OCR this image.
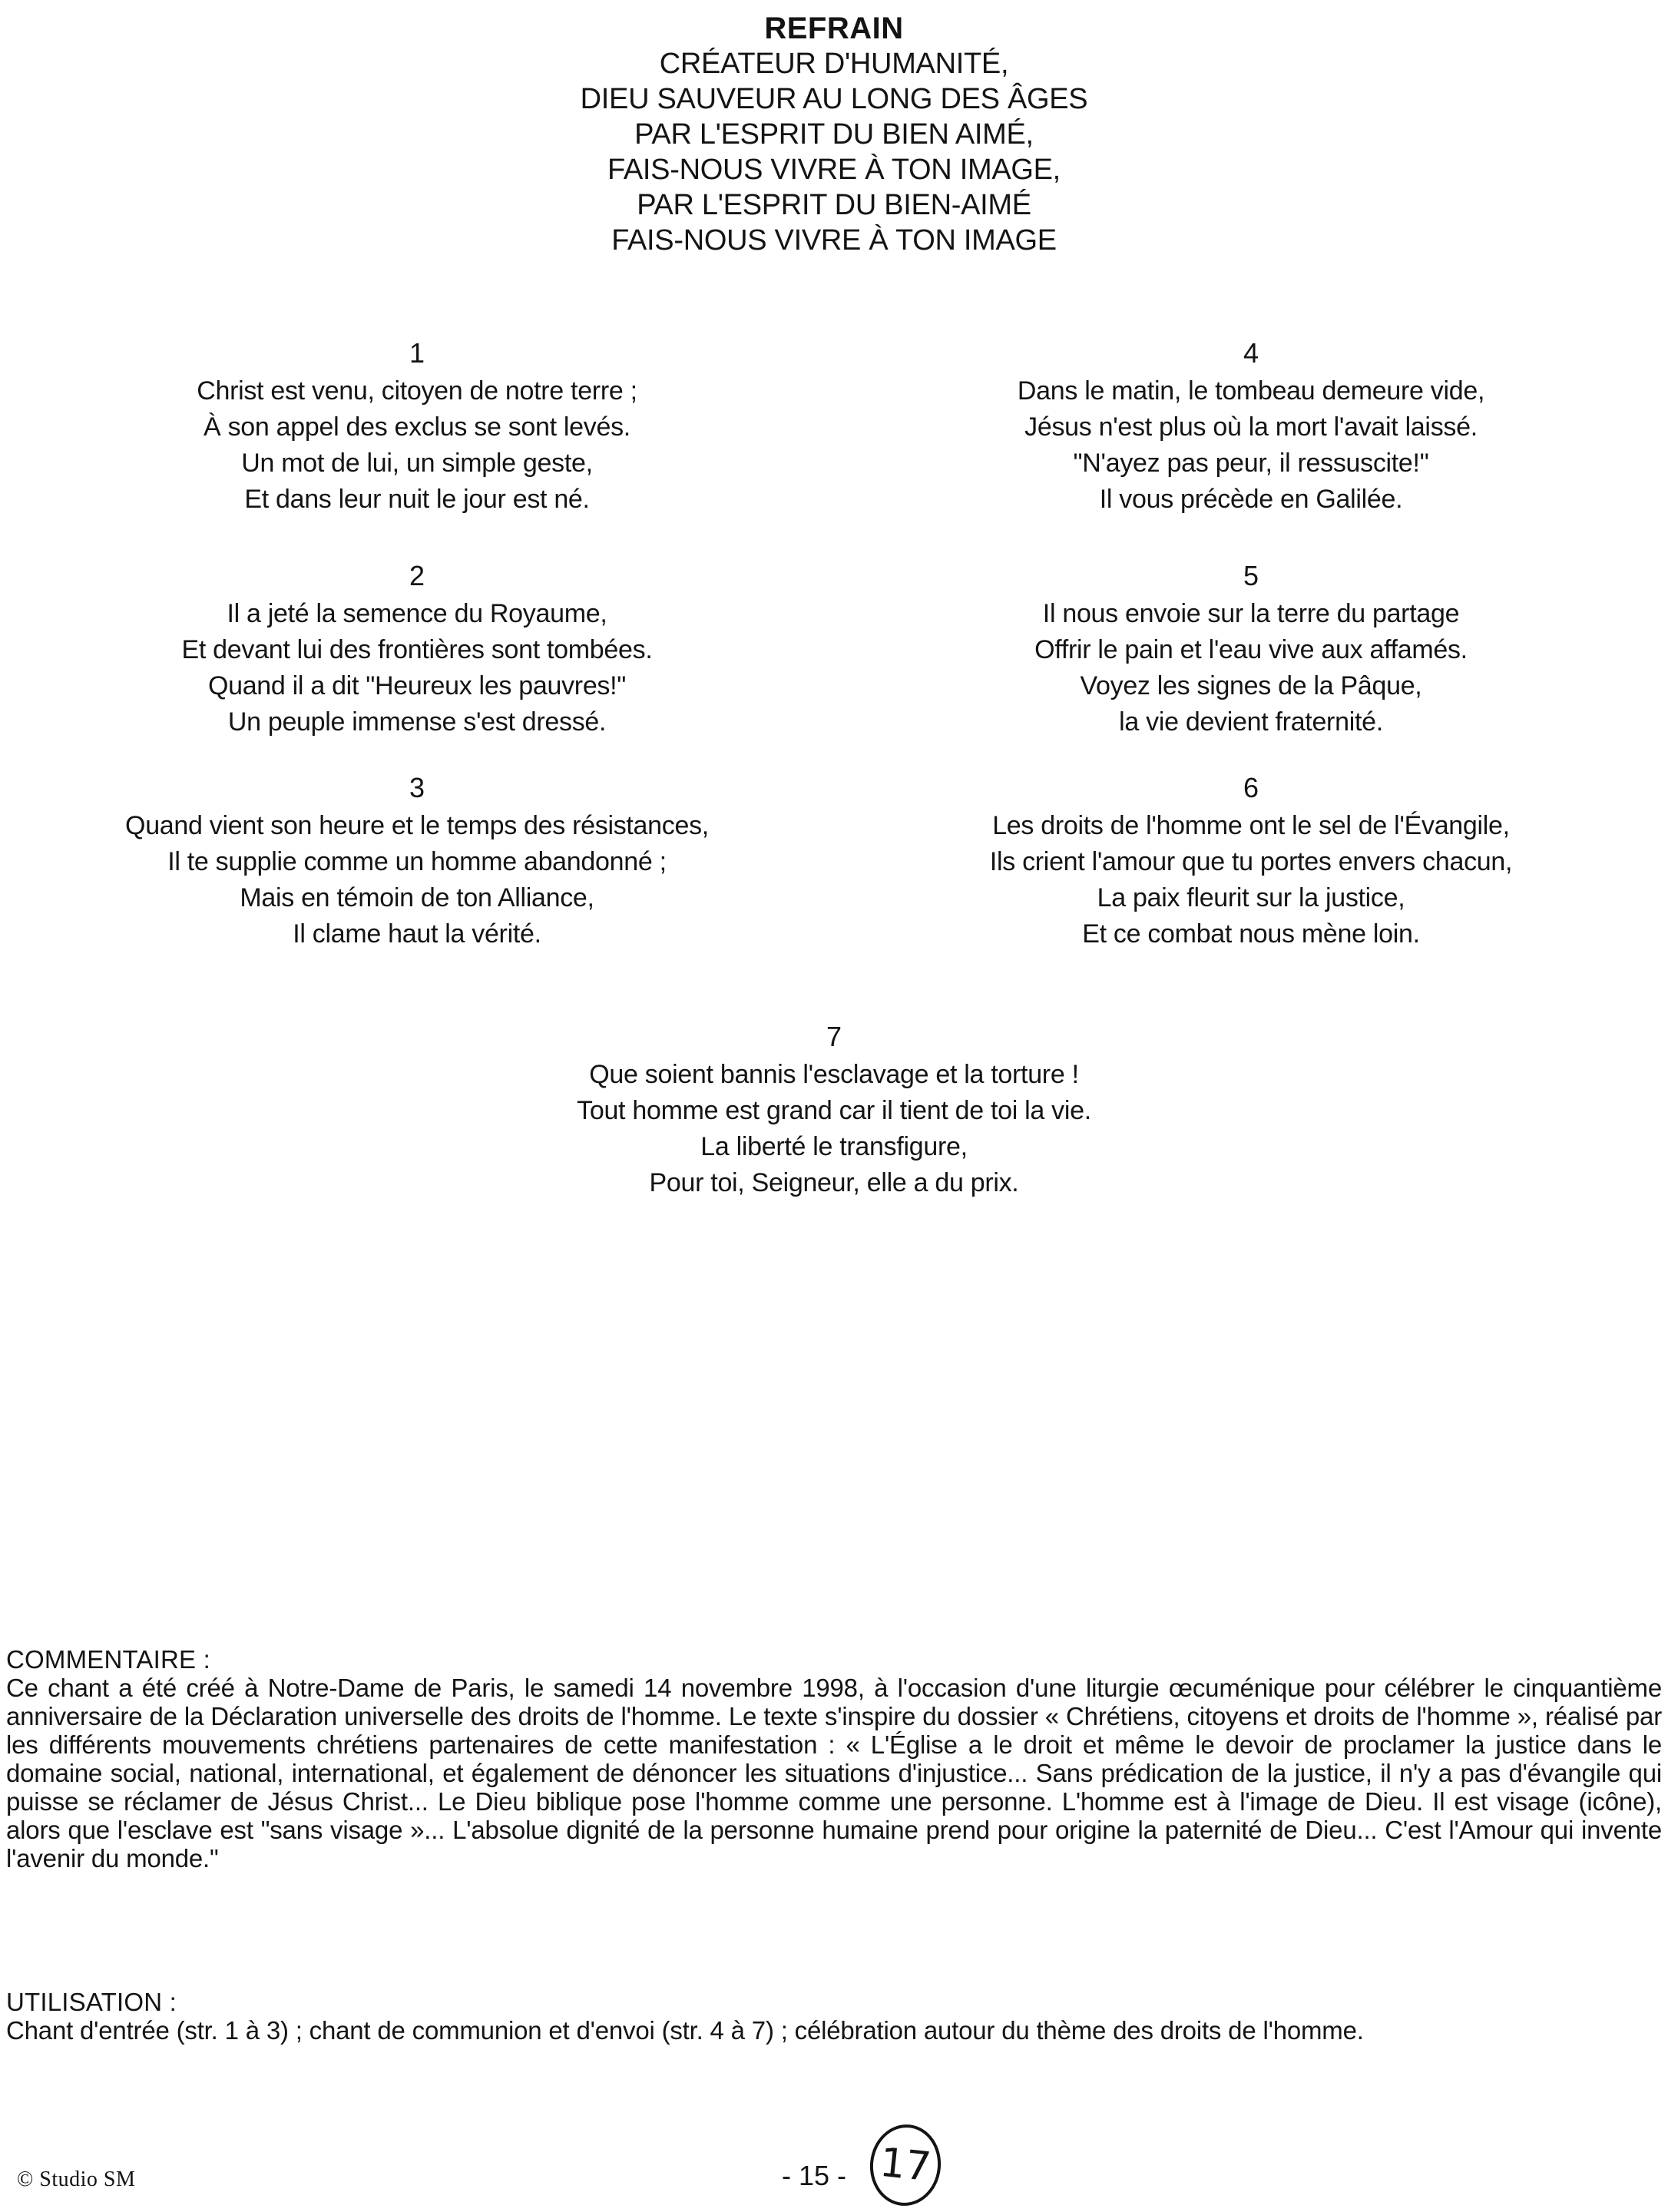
REFRAIN
CRÉATEUR D'HUMANITÉ,
DIEU SAUVEUR AU LONG DES ÂGES
PAR L'ESPRIT DU BIEN AIMÉ,
FAIS-NOUS VIVRE À TON IMAGE,
PAR L'ESPRIT DU BIEN-AIMÉ
FAIS-NOUS VIVRE À TON IMAGE
1
Christ est venu, citoyen de notre terre ;
À son appel des exclus se sont levés.
Un mot de lui, un simple geste,
Et dans leur nuit le jour est né.
4
Dans le matin, le tombeau demeure vide,
Jésus n'est plus où la mort l'avait laissé.
"N'ayez pas peur, il ressuscite!"
Il vous précède en Galilée.
2
Il a jeté la semence du Royaume,
Et devant lui des frontières sont tombées.
Quand il a dit "Heureux les pauvres!"
Un peuple immense s'est dressé.
5
Il nous envoie sur la terre du partage
Offrir le pain et l'eau vive aux affamés.
Voyez les signes de la Pâque,
la vie devient fraternité.
3
Quand vient son heure et le temps des résistances,
Il te supplie comme un homme abandonné ;
Mais en témoin de ton Alliance,
Il clame haut la vérité.
6
Les droits de l'homme ont le sel de l'Évangile,
Ils crient l'amour que tu portes envers chacun,
La paix fleurit sur la justice,
Et ce combat nous mène loin.
7
Que soient bannis l'esclavage et la torture !
Tout homme est grand car il tient de toi la vie.
La liberté le transfigure,
Pour toi, Seigneur, elle a du prix.
COMMENTAIRE :
Ce chant a été créé à Notre-Dame de Paris, le samedi 14 novembre 1998, à l'occasion d'une liturgie œcuménique pour célébrer le cinquantième anniversaire de la Déclaration universelle des droits de l'homme. Le texte s'inspire du dossier « Chrétiens, citoyens et droits de l'homme », réalisé par les différents mouvements chrétiens partenaires de cette manifestation : « L'Église a le droit et même le devoir de proclamer la justice dans le domaine social, national, international, et également de dénoncer les situations d'injustice... Sans prédication de la justice, il n'y a pas d'évangile qui puisse se réclamer de Jésus Christ... Le Dieu biblique pose l'homme comme une personne. L'homme est à l'image de Dieu. Il est visage (icône), alors que l'esclave est "sans visage »... L'absolue dignité de la personne humaine prend pour origine la paternité de Dieu... C'est l'Amour qui invente l'avenir du monde."
UTILISATION :
Chant d'entrée (str. 1 à 3) ; chant de communion et d'envoi (str. 4 à 7) ; célébration autour du thème des droits de l'homme.
© Studio SM	- 15 - 17
